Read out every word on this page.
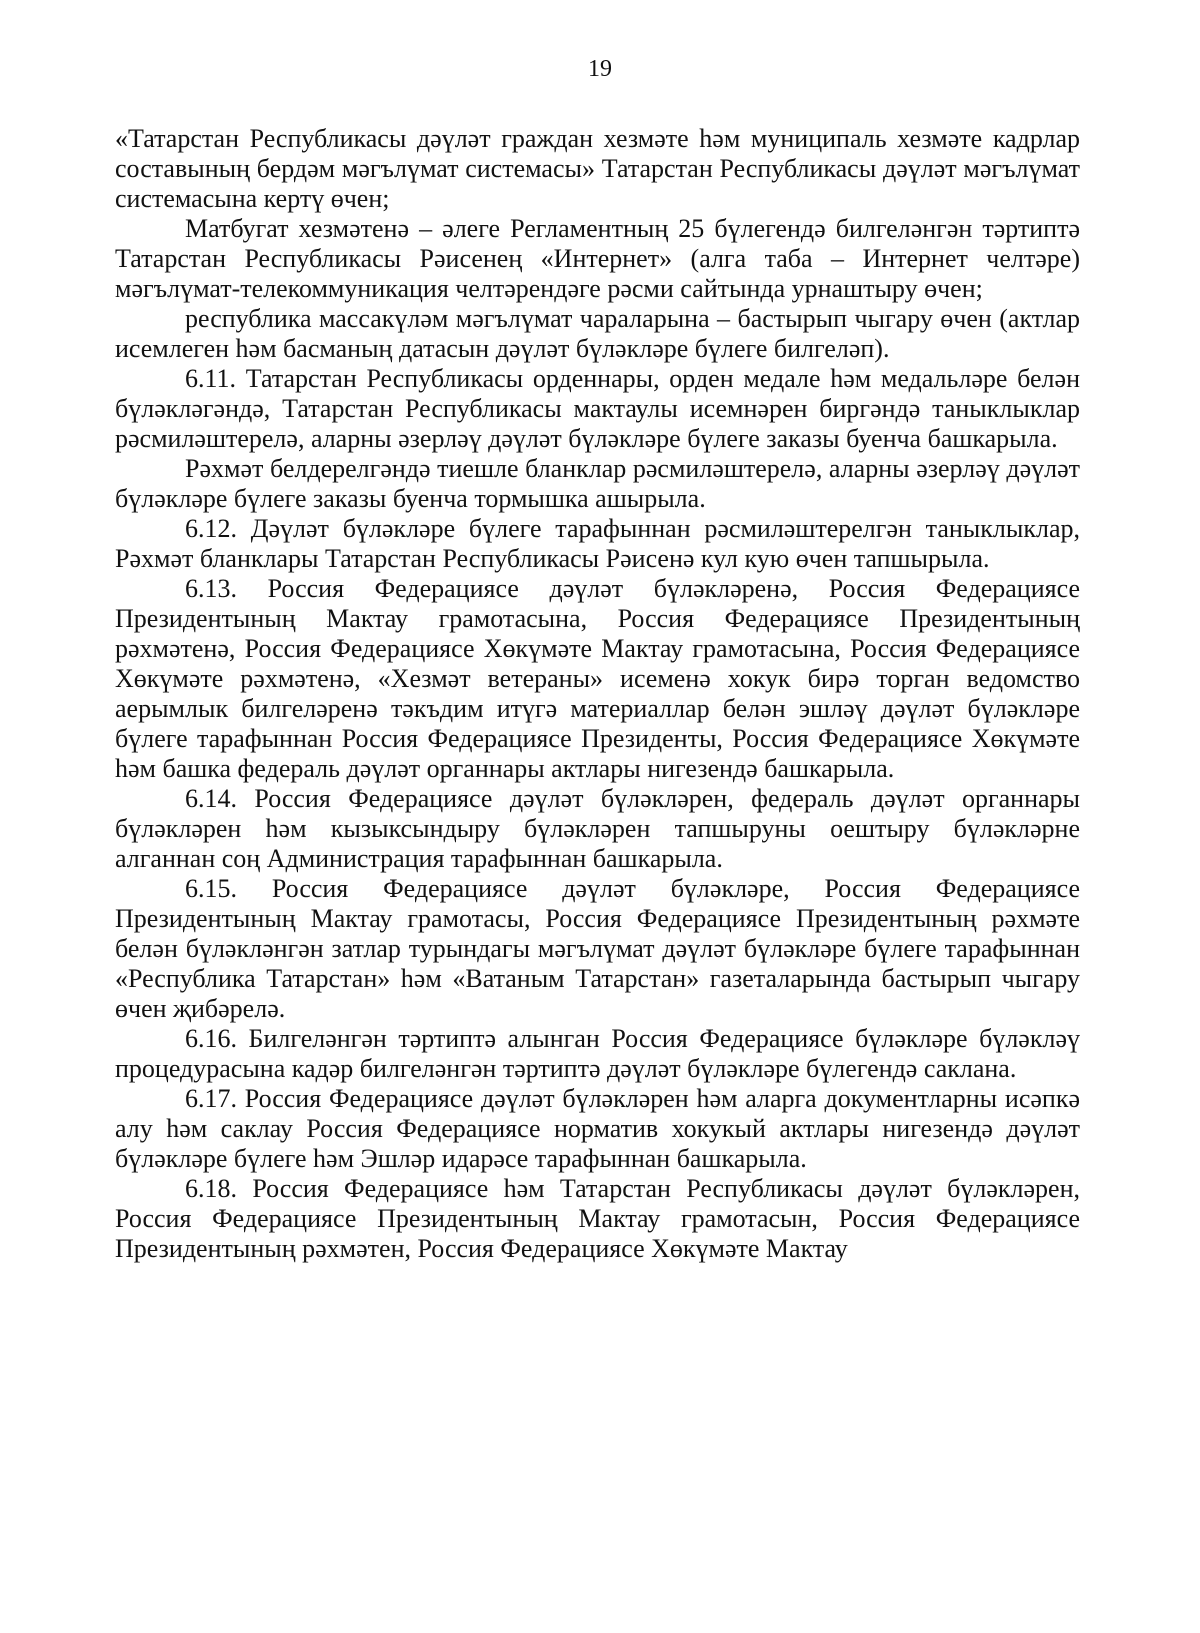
19

«Татарстан Республикасы дәүләт граждан хезмәте һәм муниципаль хезмәте кадрлар составының бердәм мәгълүмат системасы» Татарстан Республикасы дәүләт мәгълүмат системасына кертү өчен;

Матбугат хезмәтенә – әлеге Регламентның 25 бүлегендә билгеләнгән тәртиптә Татарстан Республикасы Рәисенең «Интернет» (алга таба – Интернет челтәре) мәгълүмат-телекоммуникация челтәрендәге рәсми сайтында урнаштыру өчен;

республика массакүләм мәгълүмат чараларына – бастырып чыгару өчен (актлар исемлеген һәм басманың датасын дәүләт бүләкләре бүлеге билгеләп).

6.11. Татарстан Республикасы орденнары, орден медале һәм медальләре белән бүләкләгәндә, Татарстан Республикасы мактаулы исемнәрен биргәндә таныклыклар рәсмиләштерелә, аларны әзерләү дәүләт бүләкләре бүлеге заказы буенча башкарыла.

Рәхмәт белдерелгәндә тиешле бланклар рәсмиләштерелә, аларны әзерләү дәүләт бүләкләре бүлеге заказы буенча тормышка ашырыла.

6.12. Дәүләт бүләкләре бүлеге тарафыннан рәсмиләштерелгән таныклыклар, Рәхмәт бланклары Татарстан Республикасы Рәисенә кул кую өчен тапшырыла.

6.13. Россия Федерациясе дәүләт бүләкләренә, Россия Федерациясе Президентының Мактау грамотасына, Россия Федерациясе Президентының рәхмәтенә, Россия Федерациясе Хөкүмәте Мактау грамотасына, Россия Федерациясе Хөкүмәте рәхмәтенә, «Хезмәт ветераны» исеменә хокук бирә торган ведомство аерымлык билгеләренә тәкъдим итүгә материаллар белән эшләү дәүләт бүләкләре бүлеге тарафыннан Россия Федерациясе Президенты, Россия Федерациясе Хөкүмәте һәм башка федераль дәүләт органнары актлары нигезендә башкарыла.

6.14. Россия Федерациясе дәүләт бүләкләрен, федераль дәүләт органнары бүләкләрен һәм кызыксындыру бүләкләрен тапшыруны оештыру бүләкләрне алганнан соң Администрация тарафыннан башкарыла.

6.15. Россия Федерациясе дәүләт бүләкләре, Россия Федерациясе Президентының Мактау грамотасы, Россия Федерациясе Президентының рәхмәте белән бүләкләнгән затлар турындагы мәгълүмат дәүләт бүләкләре бүлеге тарафыннан «Республика Татарстан» һәм «Ватаным Татарстан» газеталарында бастырып чыгару өчен җибәрелә.

6.16. Билгеләнгән тәртиптә алынган Россия Федерациясе бүләкләре бүләкләү процедурасына кадәр билгеләнгән тәртиптә дәүләт бүләкләре бүлегендә саклана.

6.17. Россия Федерациясе дәүләт бүләкләрен һәм аларга документларны исәпкә алу һәм саклау Россия Федерациясе норматив хокукый актлары нигезендә дәүләт бүләкләре бүлеге һәм Эшләр идарәсе тарафыннан башкарыла.

6.18. Россия Федерациясе һәм Татарстан Республикасы дәүләт бүләкләрен, Россия Федерациясе Президентының Мактау грамотасын, Россия Федерациясе Президентының рәхмәтен, Россия Федерациясе Хөкүмәте Мактау
